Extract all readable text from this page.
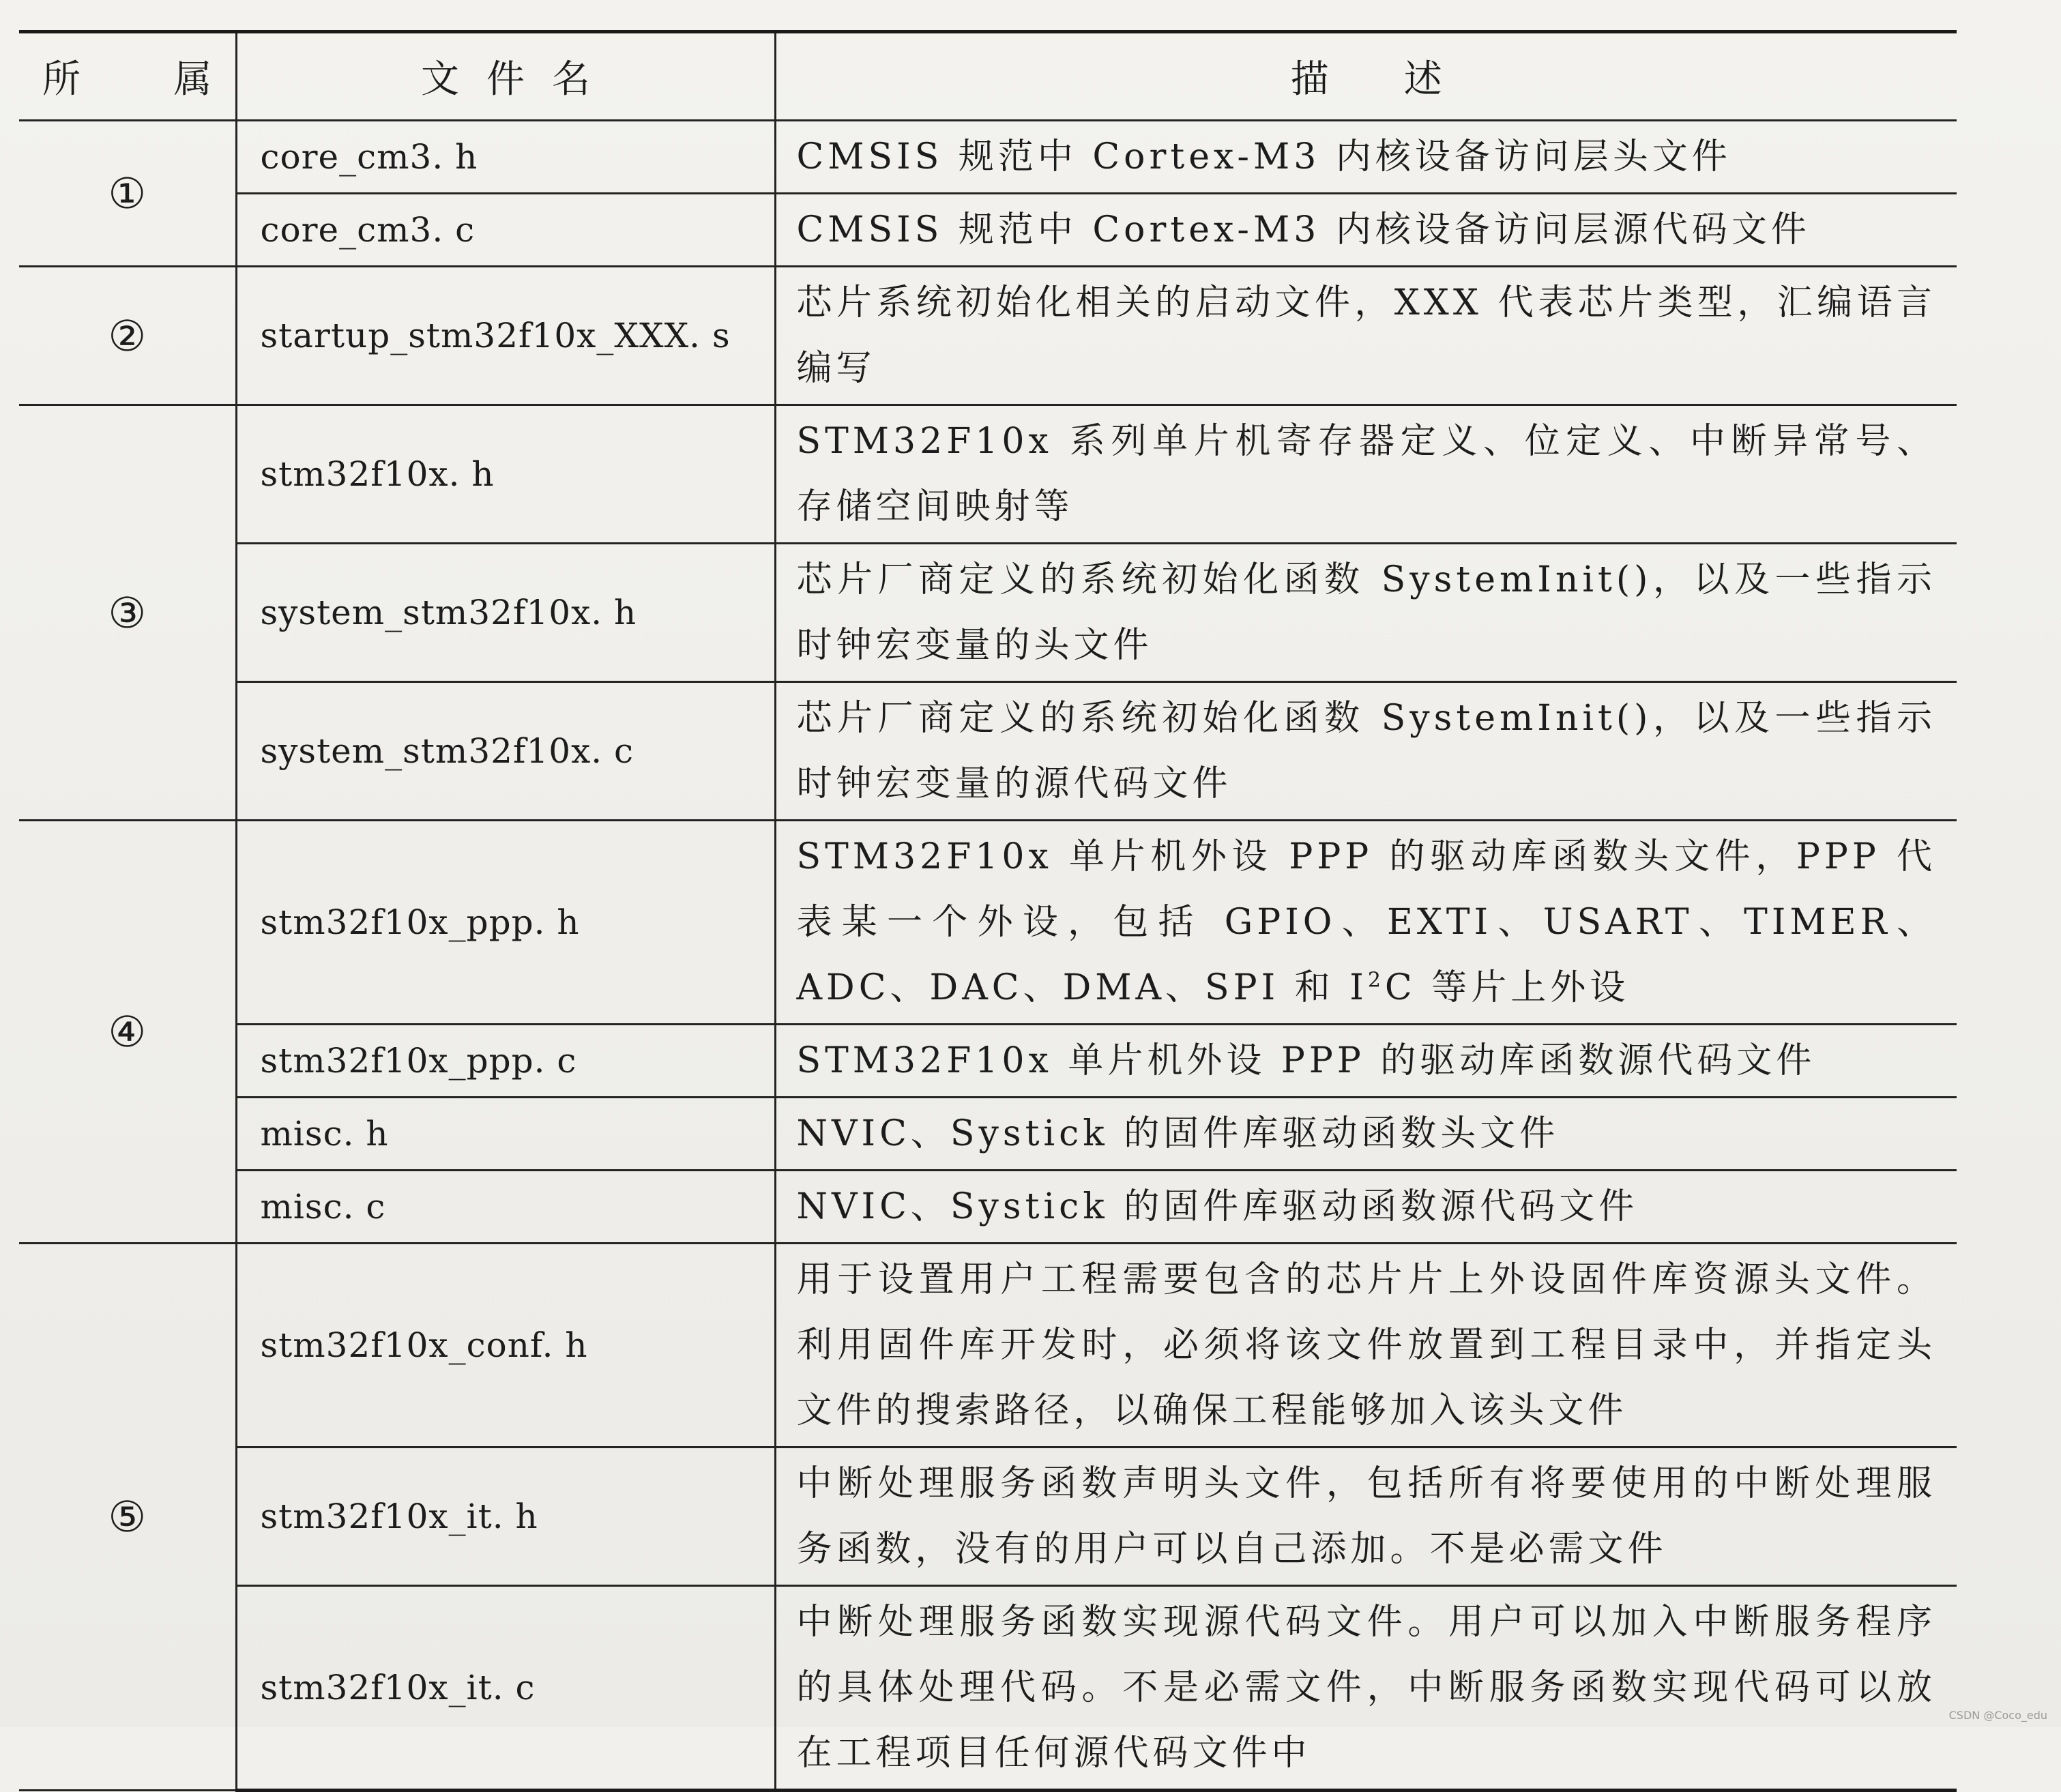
所属	文件名	描述
①	core_cm3. h	CMSIS 规范中 Cortex-M3 内核设备访问层头文件
	core_cm3. c	CMSIS 规范中 Cortex-M3 内核设备访问层源代码文件
②	startup_stm32f10x_XXX. s	芯片系统初始化相关的启动文件，XXX 代表芯片类型，汇编语言编写
③	stm32f10x. h	STM32F10x 系列单片机寄存器定义、位定义、中断异常号、存储空间映射等
	system_stm32f10x. h	芯片厂商定义的系统初始化函数 SystemInit()，以及一些指示时钟宏变量的头文件
	system_stm32f10x. c	芯片厂商定义的系统初始化函数 SystemInit()，以及一些指示时钟宏变量的源代码文件
④	stm32f10x_ppp. h	STM32F10x 单片机外设 PPP 的驱动库函数头文件，PPP 代表某一个外设，包括 GPIO、EXTI、USART、TIMER、ADC、DAC、DMA、SPI 和 $I^2C$ 等片上外设
	stm32f10x_ppp. c	STM32F10x 单片机外设 PPP 的驱动库函数源代码文件
	misc. h	NVIC、Systick 的固件库驱动函数头文件
	misc. c	NVIC、Systick 的固件库驱动函数源代码文件
⑤	stm32f10x_conf. h	用于设置用户工程需要包含的芯片片上外设固件库资源头文件。利用固件库开发时，必须将该文件放置到工程目录中，并指定头文件的搜索路径，以确保工程能够加入该头文件
	stm32f10x_it. h	中断处理服务函数声明头文件，包括所有将要使用的中断处理服务函数，没有的用户可以自己添加。不是必需文件
	stm32f10x_it. c	中断处理服务函数实现源代码文件。用户可以加入中断服务程序的具体处理代码。不是必需文件，中断服务函数实现代码可以放在工程项目任何源代码文件中
CSDN @Coco_edu
